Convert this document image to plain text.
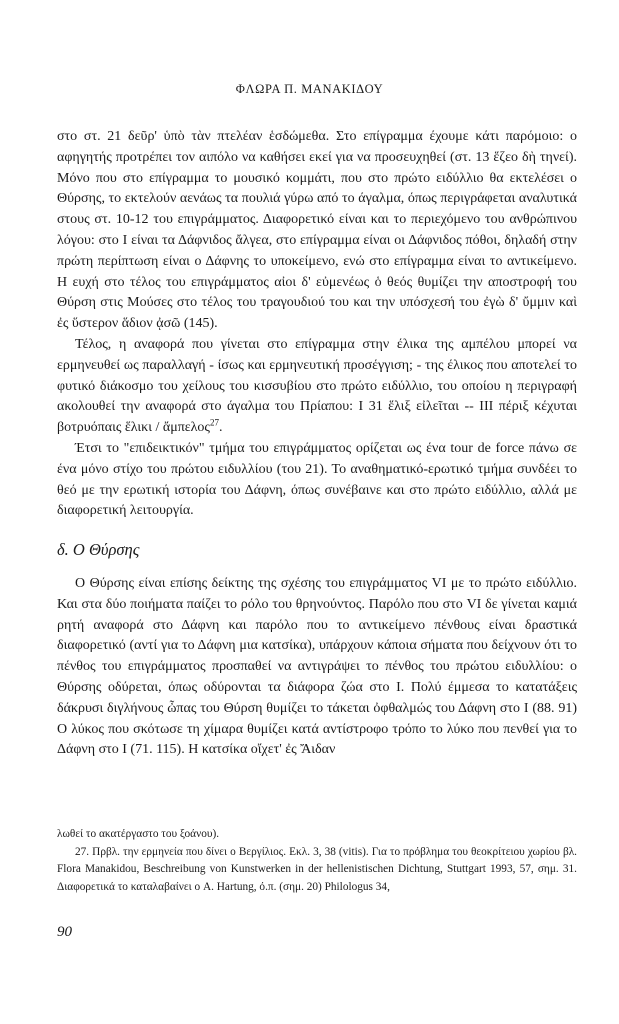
ΦΛΩΡΑ Π. ΜΑΝΑΚΙΔΟΥ

στο στ. 21 δεῦρ' ὑπὸ τὰν πτελέαν ἑσδώμεθα. Στο επίγραμμα έχουμε κάτι παρόμοιο: ο αφηγητής προτρέπει τον αιπόλο να καθήσει εκεί για να προσευχηθεί (στ. 13 ἕζεο δὴ τηνεί). Μόνο που στο επίγραμμα το μουσικό κομμάτι, που στο πρώτο ειδύλλιο θα εκτελέσει ο Θύρσης, το εκτελούν αενάως τα πουλιά γύρω από το άγαλμα, όπως περιγράφεται αναλυτικά στους στ. 10-12 του επιγράμματος. Διαφορετικό είναι και το περιεχόμενο του ανθρώπινου λόγου: στο I είναι τα Δάφνιδος ἄλγεα, στο επίγραμμα είναι οι Δάφνιδος πόθοι, δηλαδή στην πρώτη περίπτωση είναι ο Δάφνης το υποκείμενο, ενώ στο επίγραμμα είναι το αντικείμενο. Η ευχή στο τέλος του επιγράμματος αἰοι δ' εὐμενέως ὁ θεός θυμίζει την αποστροφή του Θύρση στις Μούσες στο τέλος του τραγουδιού του και την υπόσχεσή του ἐγὼ δ' ὔμμιν καὶ ἐς ὕστερον ἅδιον ᾀσῶ (145).

Τέλος, η αναφορά που γίνεται στο επίγραμμα στην έλικα της αμπέλου μπορεί να ερμηνευθεί ως παραλλαγή - ίσως και ερμηνευτική προσέγγιση; - της έλικος που αποτελεί το φυτικό διάκοσμο του χείλους του κισσυβίου στο πρώτο ειδύλλιο, του οποίου η περιγραφή ακολουθεί την αναφορά στο άγαλμα του Πρίαπου: I 31 ἕλιξ εἰλεῖται -- III πέριξ κέχυται βοτρυόπαις ἕλικι / ἄμπελος$^{27}$.

Έτσι το "επιδεικτικόν" τμήμα του επιγράμματος ορίζεται ως ένα tour de force πάνω σε ένα μόνο στίχο του πρώτου ειδυλλίου (του 21). Το αναθηματικό-ερωτικό τμήμα συνδέει το θεό με την ερωτική ιστορία του Δάφνη, όπως συνέβαινε και στο πρώτο ειδύλλιο, αλλά με διαφορετική λειτουργία.

δ. Ο Θύρσης

Ο Θύρσης είναι επίσης δείκτης της σχέσης του επιγράμματος VI με το πρώτο ειδύλλιο. Και στα δύο ποιήματα παίζει το ρόλο του θρηνούντος. Παρόλο που στο VI δε γίνεται καμιά ρητή αναφορά στο Δάφνη και παρόλο που το αντικείμενο πένθους είναι δραστικά διαφορετικό (αντί για το Δάφνη μια κατσίκα), υπάρχουν κάποια σήματα που δείχνουν ότι το πένθος του επιγράμματος προσπαθεί να αντιγράψει το πένθος του πρώτου ειδυλλίου: ο Θύρσης οδύρεται, όπως οδύρονται τα διάφορα ζώα στο I. Πολύ έμμεσα το κατατάξεις δάκρυσι διγλήνους ὦπας του Θύρση θυμίζει το τάκεται ὀφθαλμώς του Δάφνη στο I (88. 91) Ο λύκος που σκότωσε τη χίμαρα θυμίζει κατά αντίστροφο τρόπο το λύκο που πενθεί για το Δάφνη στο I (71. 115). Η κατσίκα οἴχετ' ἐς Ἄιδαν

λωθεί το ακατέργαστο του ξοάνου).

27. Πρβλ. την ερμηνεία που δίνει ο Βεργίλιος. Εκλ. 3, 38 (vitis). Για το πρόβλημα του θεοκρίτειου χωρίου βλ. Flora Manakidou, Beschreibung von Kunstwerken in der hellenistischen Dichtung, Stuttgart 1993, 57, σημ. 31. Διαφορετικά το καταλαβαίνει ο A. Hartung, ό.π. (σημ. 20) Philologus 34,

90
